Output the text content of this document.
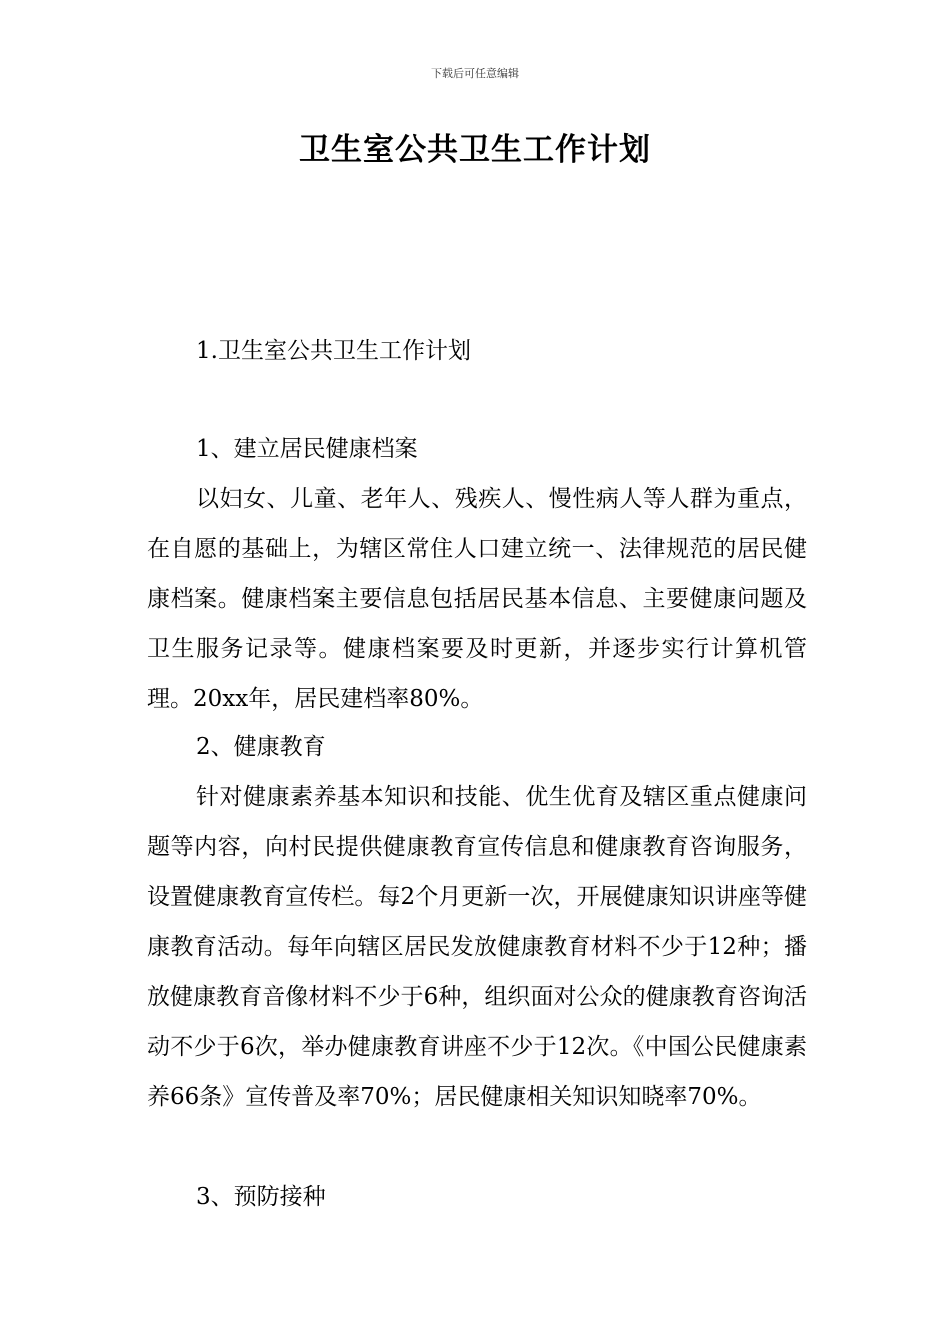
下载后可任意编辑
卫生室公共卫生工作计划
1.卫生室公共卫生工作计划
1、建立居民健康档案

以妇女、儿童、老年人、残疾人、慢性病人等人群为重点，在自愿的基础上，为辖区常住人口建立统一、法律规范的居民健康档案。健康档案主要信息包括居民基本信息、主要健康问题及卫生服务记录等。健康档案要及时更新，并逐步实行计算机管理。20xx年，居民建档率80%。

2、健康教育

针对健康素养基本知识和技能、优生优育及辖区重点健康问题等内容，向村民提供健康教育宣传信息和健康教育咨询服务，设置健康教育宣传栏。每2个月更新一次，开展健康知识讲座等健康教育活动。每年向辖区居民发放健康教育材料不少于12种；播放健康教育音像材料不少于6种，组织面对公众的健康教育咨询活动不少于6次，举办健康教育讲座不少于12次。《中国公民健康素养66条》宣传普及率70%；居民健康相关知识知晓率70%。

3、预防接种
